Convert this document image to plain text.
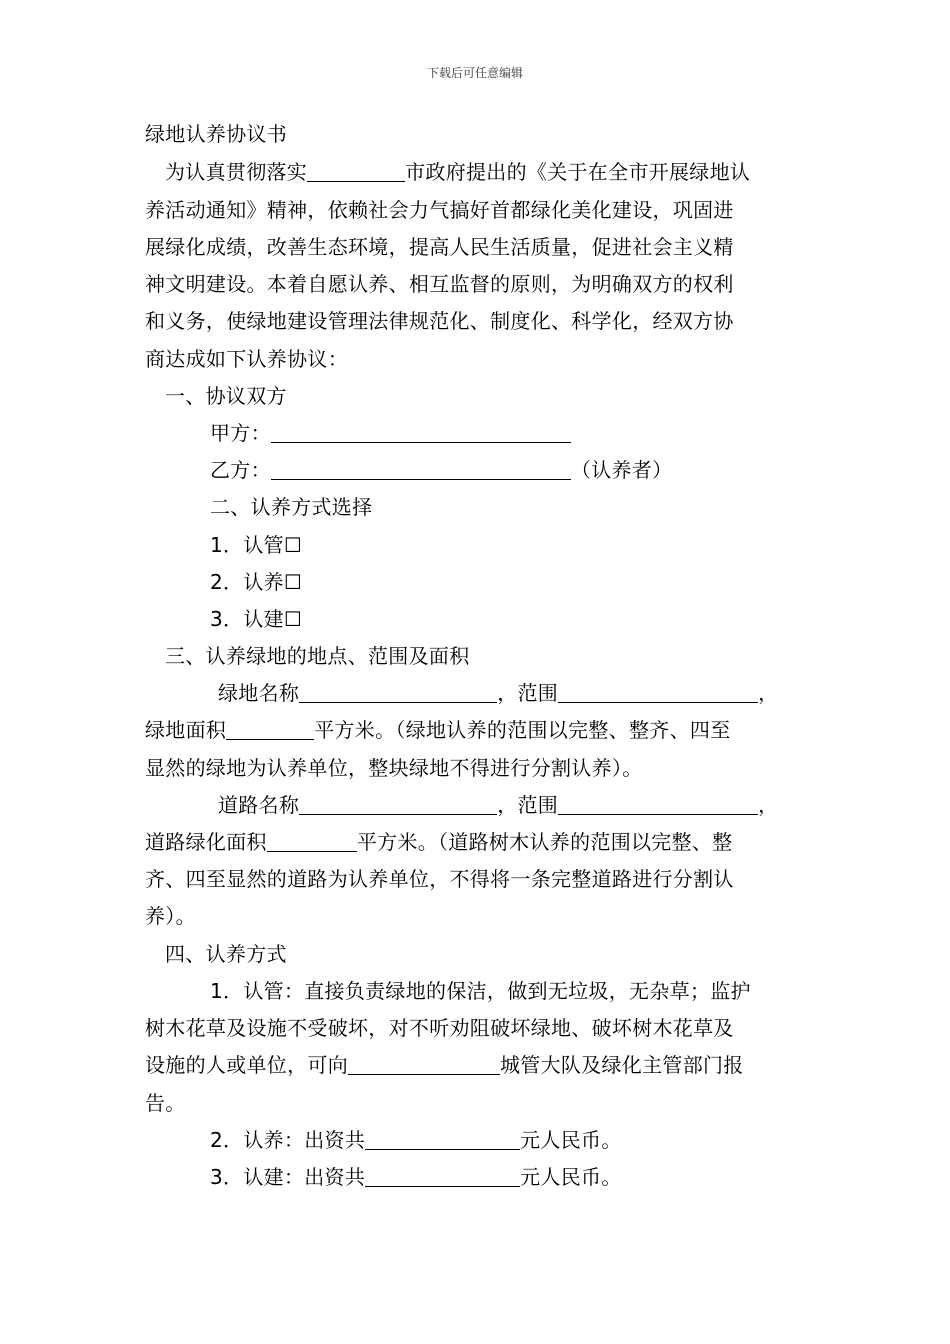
下载后可任意编辑
绿地认养协议书
为认真贯彻落实	市政府提出的《关于在全市开展绿地认
养活动通知》精神，依赖社会力气搞好首都绿化美化建设，巩固进
展绿化成绩，改善生态环境，提高人民生活质量，促进社会主义精
神文明建设。本着自愿认养、相互监督的原则，为明确双方的权利
和义务，使绿地建设管理法律规范化、制度化、科学化，经双方协
商达成如下认养协议：
一、协议双方
甲方：
乙方：	（认养者）
二、认养方式选择
1．认管☐
2．认养☐
3．认建☐
三、认养绿地的地点、范围及面积
绿地名称	，范围	，
绿地面积	平方米。（绿地认养的范围以完整、整齐、四至
显然的绿地为认养单位，整块绿地不得进行分割认养）。
道路名称	，范围	，
道路绿化面积	平方米。（道路树木认养的范围以完整、整
齐、四至显然的道路为认养单位，不得将一条完整道路进行分割认
养）。
四、认养方式
1．认管：直接负责绿地的保洁，做到无垃圾，无杂草；监护
树木花草及设施不受破坏，对不听劝阻破坏绿地、破坏树木花草及
设施的人或单位，可向	城管大队及绿化主管部门报
告。
2．认养：出资共	元人民币。
3．认建：出资共	元人民币。
